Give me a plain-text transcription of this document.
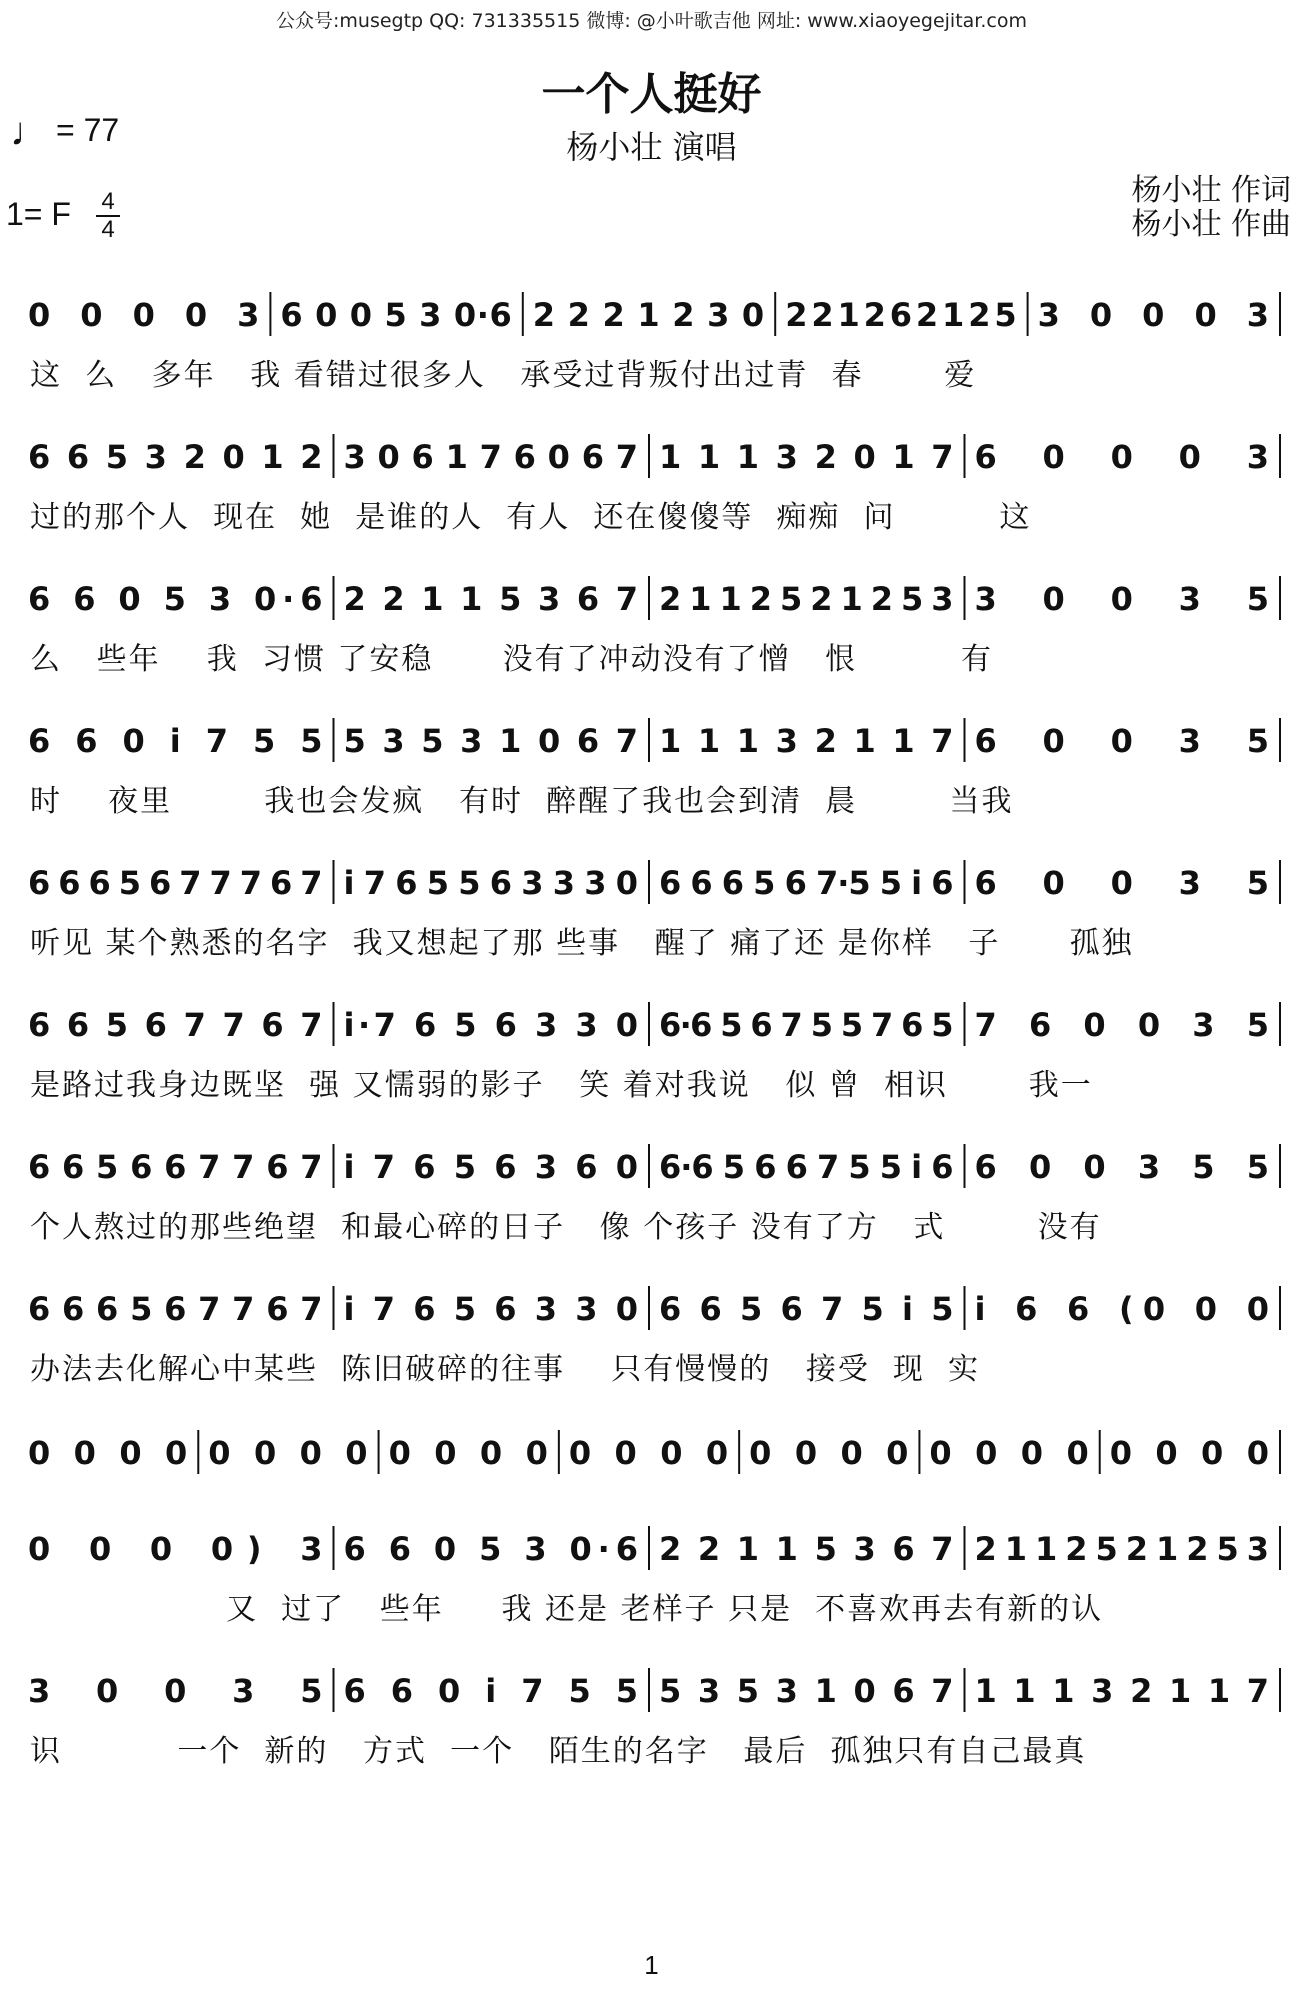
公众号:musegtp QQ: 731335515 微博: @小叶歌吉他 网址: www.xiaoyegejitar.com
一个人挺好
杨小壮 演唱
♩ = 77
1= F 4
4
杨小壮 作词
杨小壮 作曲
0 0 0 0 3 6 0 0 5 3 0·6 2 2 2 1 2 3 0 2 2 1 2 6 2 1 2 5 3 0 0 0 3
这  么   多年   我 看错过很多人   承受过背叛付出过青  春       爱
6 6 5 3 2 0 1 2 3 0 6 1 7 6 0 6 7 1 1 1 3 2 0 1 7 6 0 0 0 3
过的那个人  现在  她  是谁的人  有人  还在傻傻等  痴痴  问         这
6 6 0 5 3 0·6 2 2 1 1 5 3 6 7 2 1 1 2 5 2 1 2 5 3 3 0 0 3 5
么   些年    我  习惯 了安稳      没有了冲动没有了憎   恨         有
6 6 0 i 7 5 5 5 3 5 3 1 0 6 7 1 1 1 3 2 1 1 7 6 0 0 3 5
时    夜里        我也会发疯   有时  醉醒了我也会到清  晨        当我
6 6 6 5 6 7 7 7 6 7 i 7 6 5 5 6 3 3 3 0 6 6 6 5 6 7·5 5 i 6 6 0 0 3 5
听见 某个熟悉的名字  我又想起了那 些事   醒了 痛了还 是你样   子      孤独
6 6 5 6 7 7 6 7 i·7 6 5 6 3 3 0 6·6 5 6 7 5 5 7 6 5 7 6 0 0 3 5
是路过我身边既坚  强 又懦弱的影子   笑 着对我说   似 曾  相识       我一
6 6 5 6 6 7 7 6 7 i 7 6 5 6 3 6 0 6·6 5 6 6 7 5 5 i 6 6 0 0 3 5 5
个人熬过的那些绝望  和最心碎的日子   像 个孩子 没有了方   式        没有
6 6 6 5 6 7 7 6 7 i 7 6 5 6 3 3 0 6 6 5 6 7 5 i 5 i 6 6 (0 0 0
办法去化解心中某些  陈旧破碎的往事    只有慢慢的   接受  现  实
0 0 0 0 0 0 0 0 0 0 0 0 0 0 0 0 0 0 0 0 0 0 0 0 0 0 0 0
0 0 0 0) 3 6 6 0 5 3 0·6 2 2 1 1 5 3 6 7 2 1 1 2 5 2 1 2 5 3
又  过了   些年     我 还是 老样子 只是  不喜欢再去有新的认
3 0 0 3 5 6 6 0 i 7 5 5 5 3 5 3 1 0 6 7 1 1 1 3 2 1 1 7
识          一个  新的   方式  一个   陌生的名字   最后  孤独只有自己最真
1
